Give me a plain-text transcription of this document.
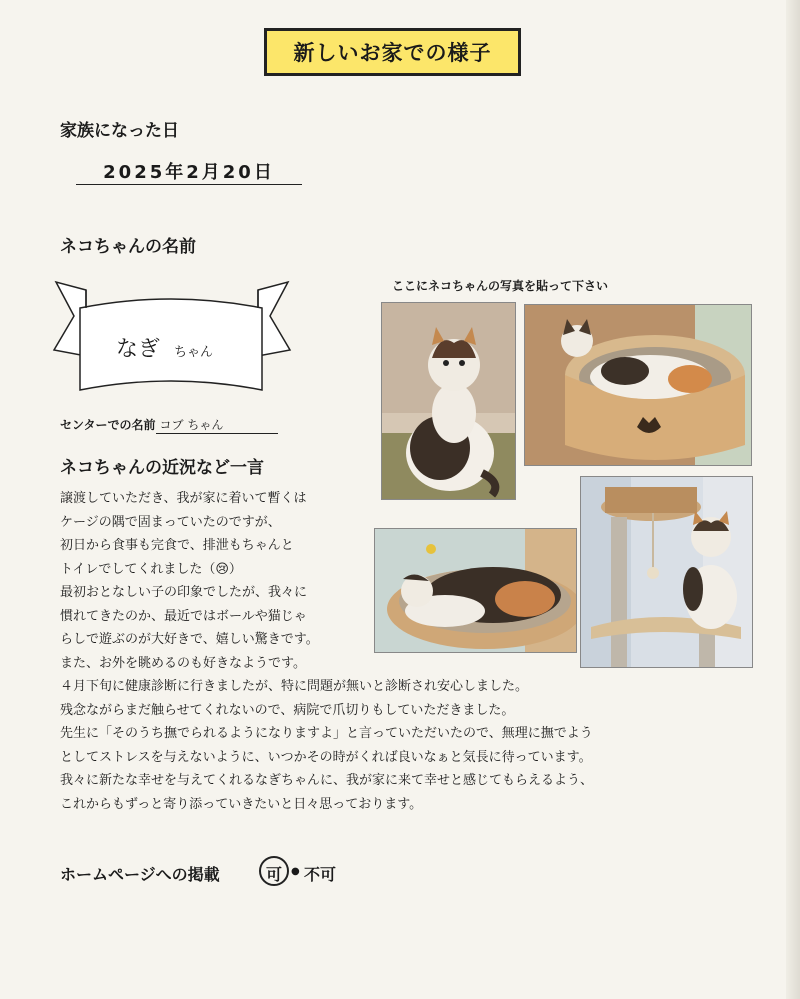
新しいお家での様子
家族になった日
2025年2月20日
ネコちゃんの名前
なぎ ちゃん
センターでの名前 コブ ちゃん
ここにネコちゃんの写真を貼って下さい
ネコちゃんの近況など一言
譲渡していただき、我が家に着いて暫くは
ケージの隅で固まっていたのですが、
初日から食事も完食で、排泄もちゃんと
トイレでしてくれました（😢）
最初おとなしい子の印象でしたが、我々に
慣れてきたのか、最近ではボールや猫じゃ
らしで遊ぶのが大好きで、嬉しい驚きです。
また、お外を眺めるのも好きなようです。
４月下旬に健康診断に行きましたが、特に問題が無いと診断され安心しました。
残念ながらまだ触らせてくれないので、病院で爪切りもしていただきました。
先生に「そのうち撫でられるようになりますよ」と言っていただいたので、無理に撫でよう
としてストレスを与えないように、いつかその時がくれば良いなぁと気長に待っています。
我々に新たな幸せを与えてくれるなぎちゃんに、我が家に来て幸せと感じてもらえるよう、
これからもずっと寄り添っていきたいと日々思っております。
ホームページへの掲載	可 ● 不可
